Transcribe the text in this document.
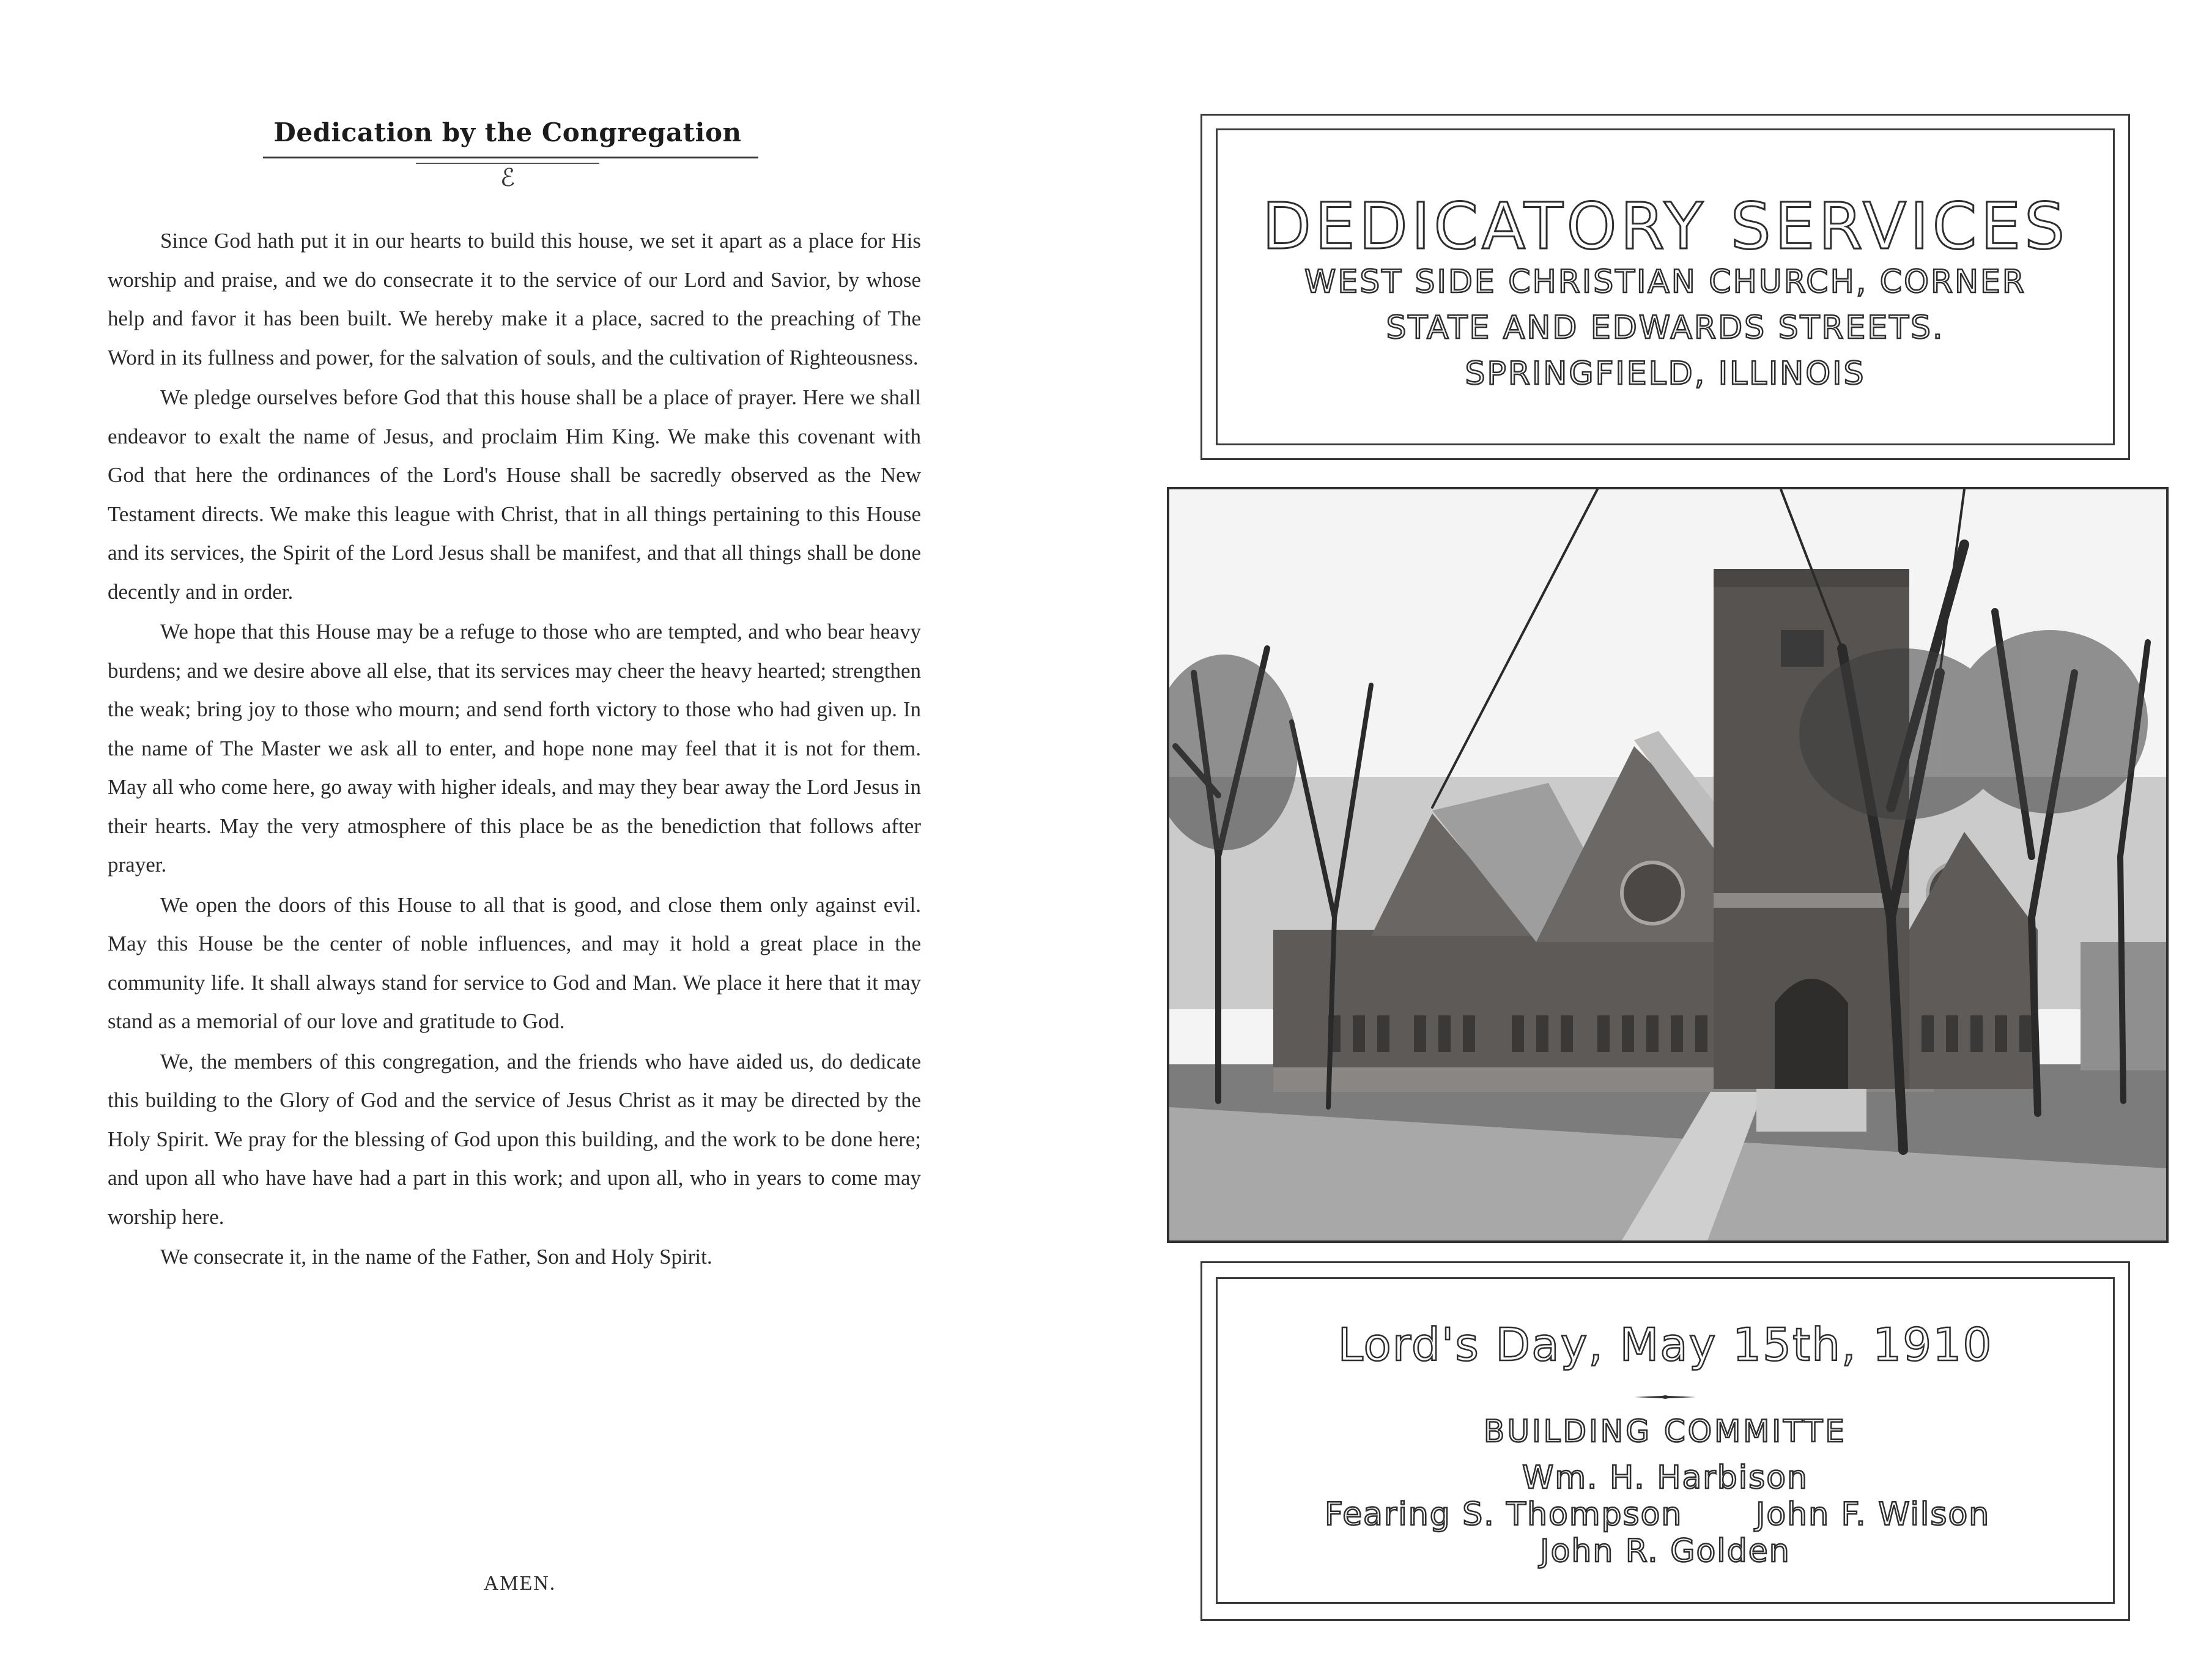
Dedication by the Congregation
ℰ

Since God hath put it in our hearts to build this house, we set it apart as a place for His worship and praise, and we do consecrate it to the service of our Lord and Savior, by whose help and favor it has been built. We hereby make it a place, sacred to the preaching of The Word in its fullness and power, for the salvation of souls, and the cultivation of Righteousness.

We pledge ourselves before God that this house shall be a place of prayer. Here we shall endeavor to exalt the name of Jesus, and proclaim Him King. We make this covenant with God that here the ordinances of the Lord's House shall be sacredly observed as the New Testament directs. We make this league with Christ, that in all things pertaining to this House and its services, the Spirit of the Lord Jesus shall be manifest, and that all things shall be done decently and in order.

We hope that this House may be a refuge to those who are tempted, and who bear heavy burdens; and we desire above all else, that its services may cheer the heavy hearted; strengthen the weak; bring joy to those who mourn; and send forth victory to those who had given up. In the name of The Master we ask all to enter, and hope none may feel that it is not for them. May all who come here, go away with higher ideals, and may they bear away the Lord Jesus in their hearts. May the very atmosphere of this place be as the benediction that follows after prayer.

We open the doors of this House to all that is good, and close them only against evil. May this House be the center of noble influences, and may it hold a great place in the community life. It shall always stand for service to God and Man. We place it here that it may stand as a memorial of our love and gratitude to God.

We, the members of this congregation, and the friends who have aided us, do dedicate this building to the Glory of God and the service of Jesus Christ as it may be directed by the Holy Spirit. We pray for the blessing of God upon this building, and the work to be done here; and upon all who have have had a part in this work; and upon all, who in years to come may worship here.

We consecrate it, in the name of the Father, Son and Holy Spirit.

AMEN.
DEDICATORY SERVICES
WEST SIDE CHRISTIAN CHURCH, CORNER
STATE AND EDWARDS STREETS.
SPRINGFIELD, ILLINOIS
Lord's Day, May 15th, 1910
BUILDING COMMITTE
Wm. H. Harbison
Fearing S. Thompson	John F. Wilson
John R. Golden
